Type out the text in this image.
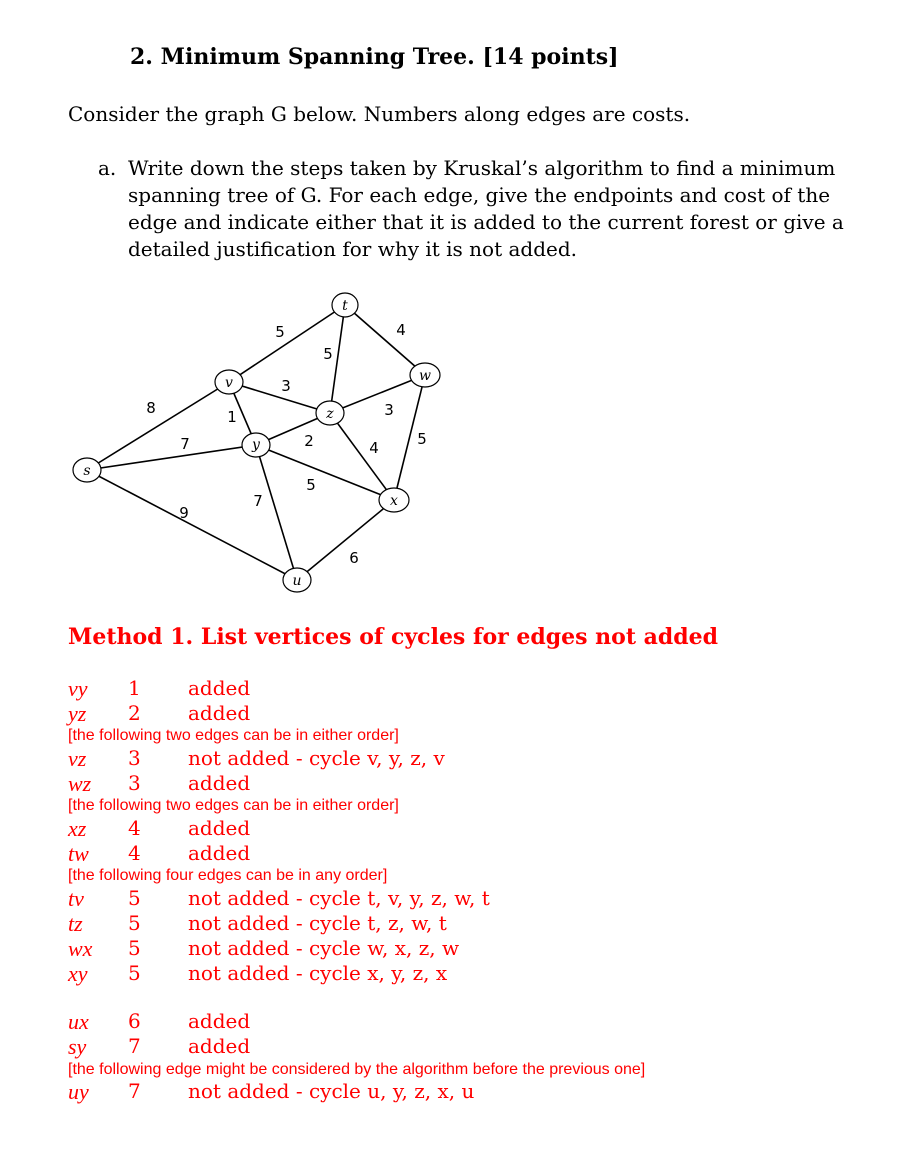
2. Minimum Spanning Tree. [14 points]
Consider the graph G below. Numbers along edges are costs.
a. Write down the steps taken by Kruskal’s algorithm to find a minimum spanning tree of G. For each edge, give the endpoints and cost of the edge and indicate either that it is added to the current forest or give a detailed justification for why it is not added.
8
7
9
5
3
1
5
4
3
2	4	5
5
7
6
s
v
y
t
z
w
x
u
Method 1. List vertices of cycles for edges not added
vy 1 added
yz 2 added
[the following two edges can be in either order]
vz 3 not added - cycle v, y, z, v
wz 3 added
[the following two edges can be in either order]
xz 4 added
tw 4 added
[the following four edges can be in any order]
tv 5 not added - cycle t, v, y, z, w, t
tz 5 not added - cycle t, z, w, t
wx 5 not added - cycle w, x, z, w
xy 5 not added - cycle x, y, z, x
ux 6 added
sy 7 added
[the following edge might be considered by the algorithm before the previous one]
uy 7 not added - cycle u, y, z, x, u
